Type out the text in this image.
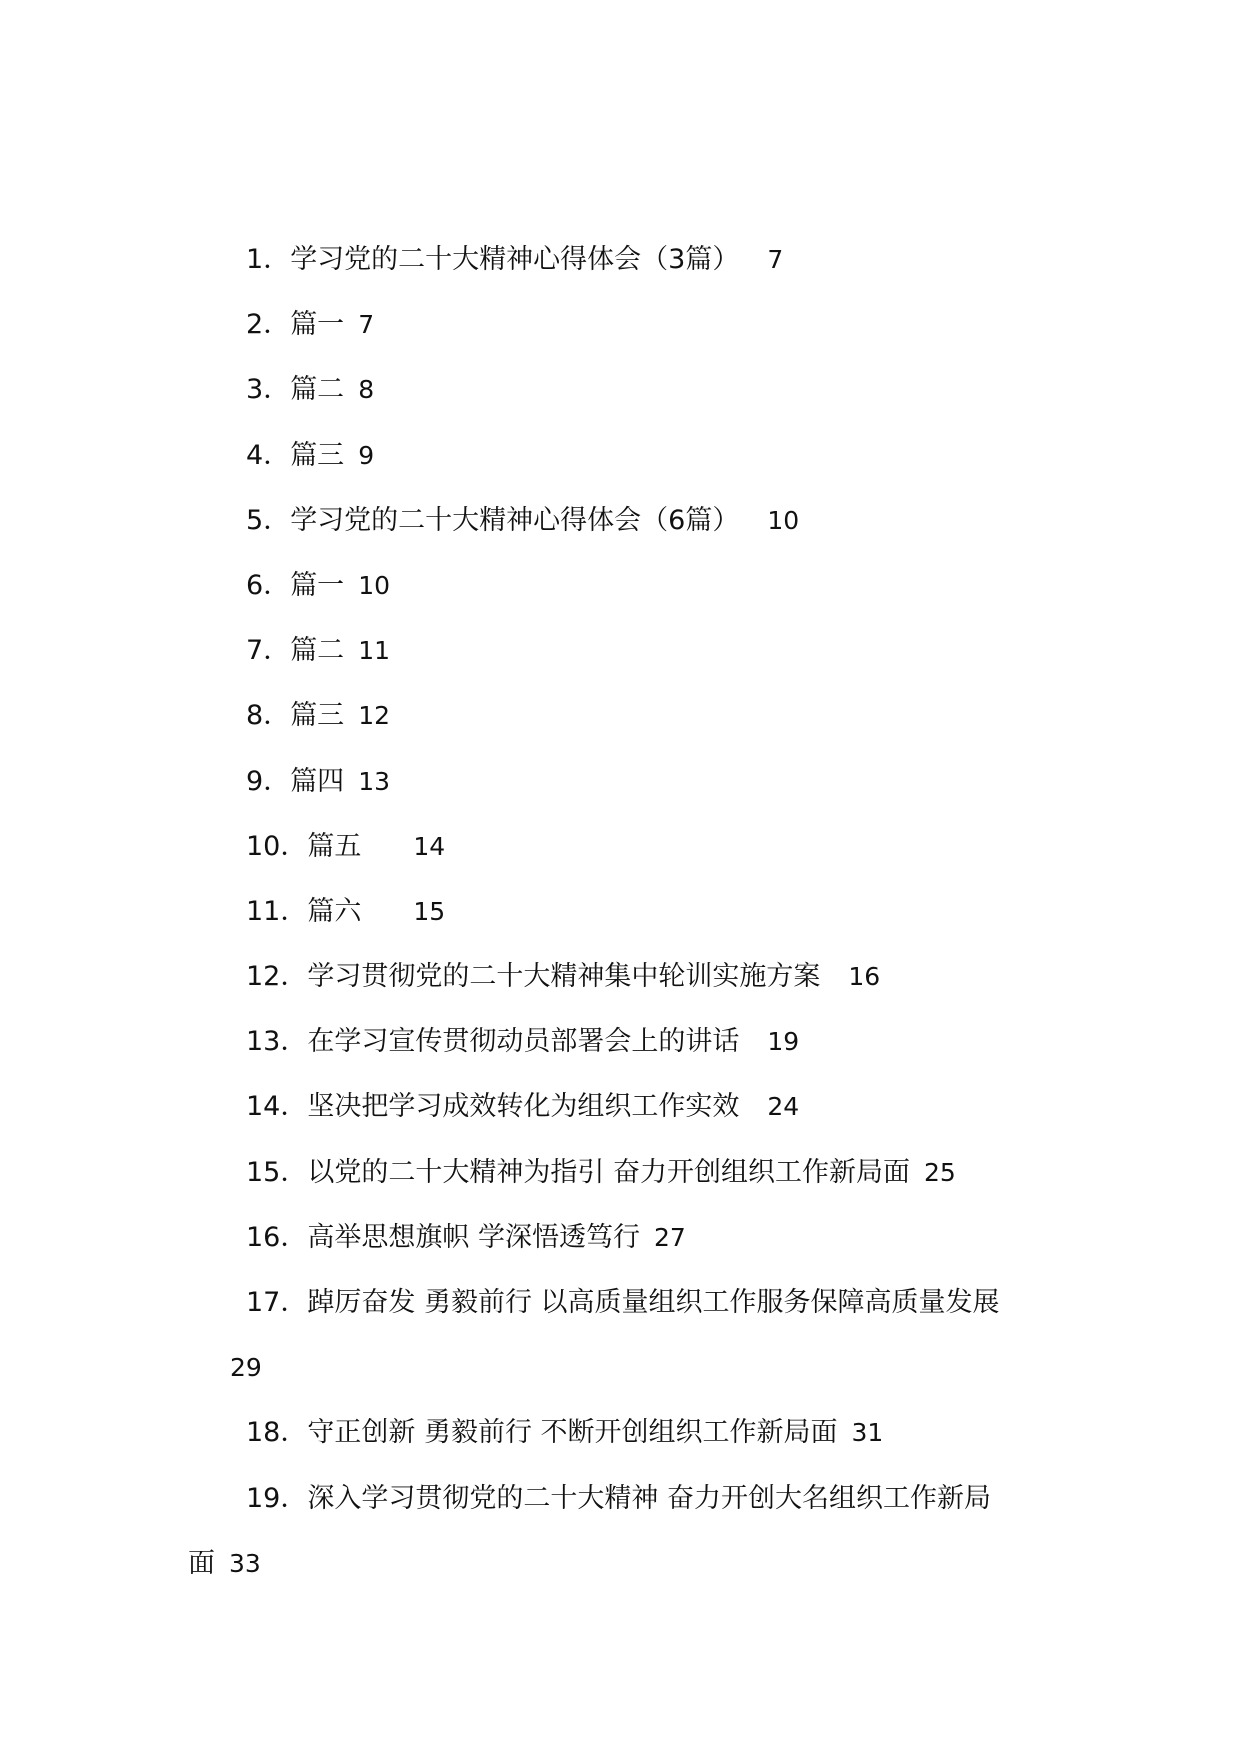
1．学习党的二十大精神心得体会（3篇） 7
2．篇一 7
3．篇二 8
4．篇三 9
5．学习党的二十大精神心得体会（6篇） 10
6．篇一 10
7．篇二 11
8．篇三 12
9．篇四 13
10．篇五 14
11．篇六 15
12．学习贯彻党的二十大精神集中轮训实施方案 16
13．在学习宣传贯彻动员部署会上的讲话 19
14．坚决把学习成效转化为组织工作实效 24
15．以党的二十大精神为指引 奋力开创组织工作新局面 25
16．高举思想旗帜 学深悟透笃行 27
17．踔厉奋发 勇毅前行 以高质量组织工作服务保障高质量发展
29
18．守正创新 勇毅前行 不断开创组织工作新局面 31
19．深入学习贯彻党的二十大精神 奋力开创大名组织工作新局
面 33
